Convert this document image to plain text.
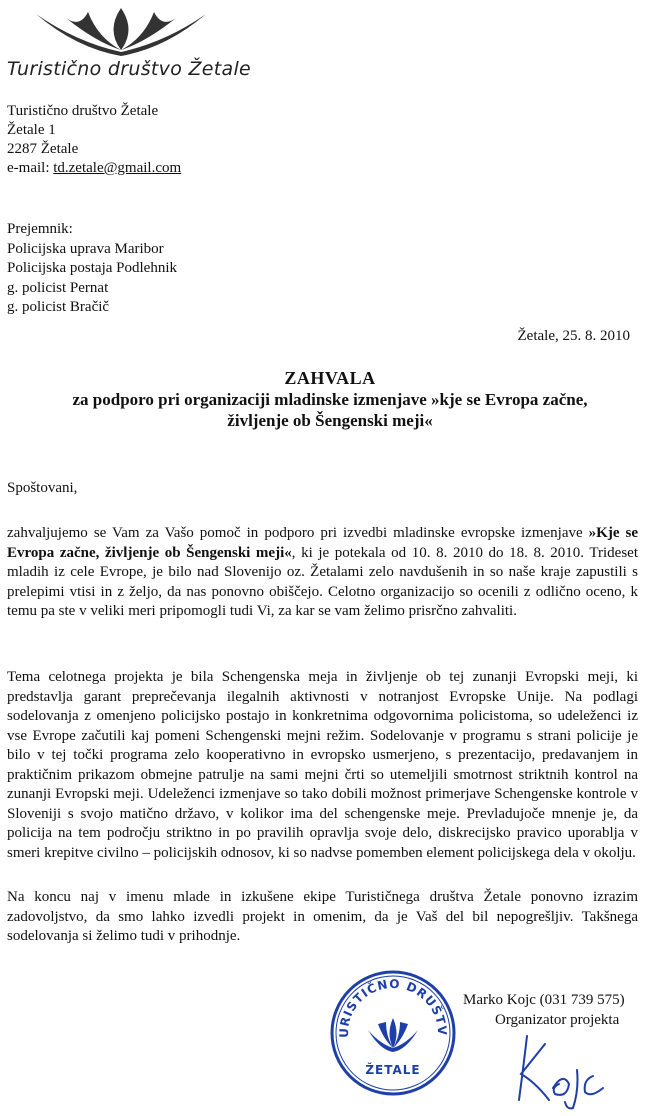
Turistično društvo Žetale
Turistično društvo Žetale
Žetale 1
2287 Žetale
e-mail: td.zetale@gmail.com
Prejemnik:
Policijska uprava Maribor
Policijska postaja Podlehnik
g. policist Pernat
g. policist Bračič
Žetale, 25. 8. 2010
ZAHVALA
za podporo pri organizaciji mladinske izmenjave »kje se Evropa začne,
življenje ob Šengenski meji«
Spoštovani,
zahvaljujemo se Vam za Vašo pomoč in podporo pri izvedbi mladinske evropske izmenjave »Kje se Evropa začne, življenje ob Šengenski meji«, ki je potekala od 10. 8. 2010 do 18. 8. 2010. Trideset mladih iz cele Evrope, je bilo nad Slovenijo oz. Žetalami zelo navdušenih in so naše kraje zapustili s prelepimi vtisi in z željo, da nas ponovno obiščejo. Celotno organizacijo so ocenili z odlično oceno, k temu pa ste v veliki meri pripomogli tudi Vi, za kar se vam želimo prisrčno zahvaliti.
Tema celotnega projekta je bila Schengenska meja in življenje ob tej zunanji Evropski meji, ki predstavlja garant preprečevanja ilegalnih aktivnosti v notranjost Evropske Unije. Na podlagi sodelovanja z omenjeno policijsko postajo in konkretnima odgovornima policistoma, so udeleženci iz vse Evrope začutili kaj pomeni Schengenski mejni režim. Sodelovanje v programu s strani policije je bilo v tej točki programa zelo kooperativno in evropsko usmerjeno, s prezentacijo, predavanjem in praktičnim prikazom obmejne patrulje na sami mejni črti so utemeljili smotrnost striktnih kontrol na zunanji Evropski meji. Udeleženci izmenjave so tako dobili možnost primerjave Schengenske kontrole v Sloveniji s svojo matično državo, v kolikor ima del schengenske meje. Prevladujoče mnenje je, da policija na tem področju striktno in po pravilih opravlja svoje delo, diskrecijsko pravico uporablja v smeri krepitve civilno – policijskih odnosov, ki so nadvse pomemben element policijskega dela v okolju.
Na koncu naj v imenu mlade in izkušene ekipe Turističnega društva Žetale ponovno izrazim zadovoljstvo, da smo lahko izvedli projekt in omenim, da je Vaš del bil nepogrešljiv. Takšnega sodelovanja si želimo tudi v prihodnje.
URISTIČNO DRUŠTV
ŽETALE
Marko Kojc (031 739 575)
Organizator projekta
